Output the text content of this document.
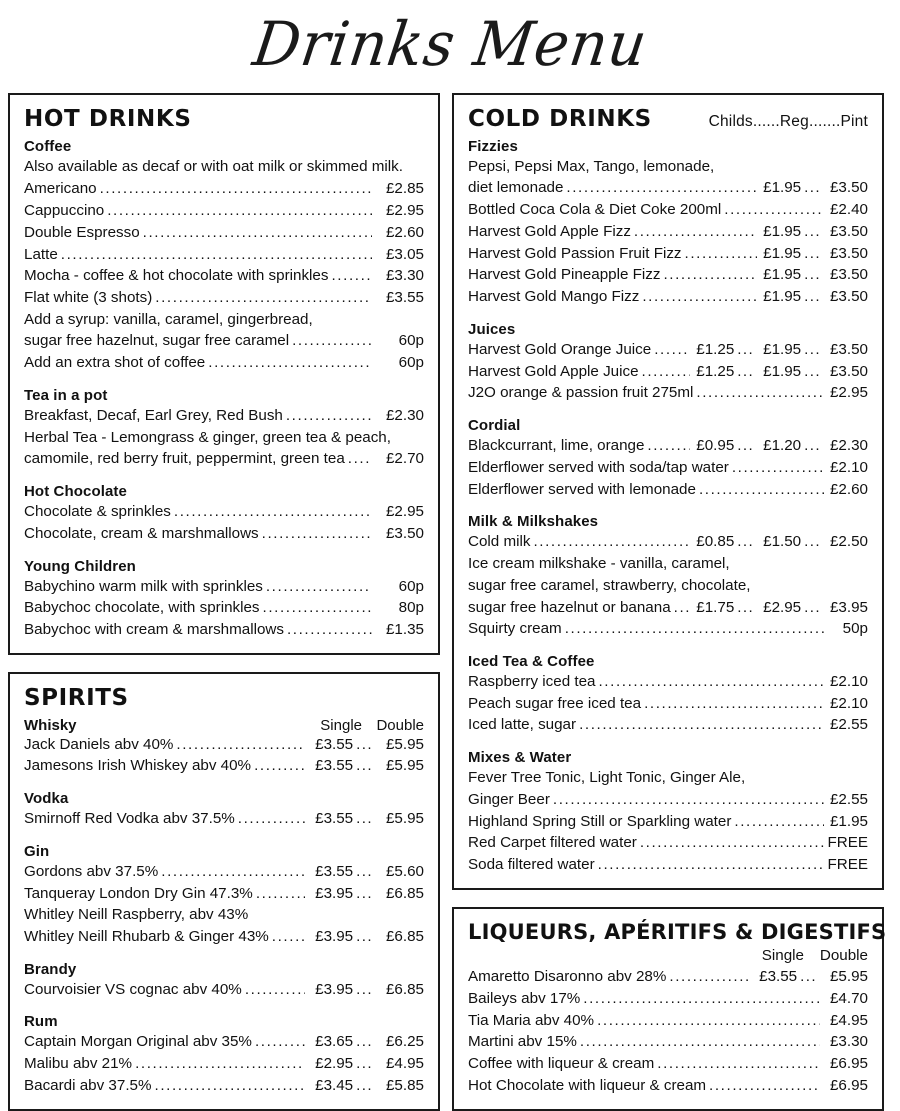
Drinks Menu
HOT DRINKS
Coffee
Also available as decaf or with oat milk or skimmed milk.
Americano .....	£2.85
Cappuccino .....	£2.95
Double Espresso .....	£2.60
Latte .....	£3.05
Mocha - coffee & hot chocolate with sprinkles .....	£3.30
Flat white (3 shots) .....	£3.55
Add a syrup: vanilla, caramel, gingerbread,
sugar free hazelnut, sugar free caramel .....	60p
Add an extra shot of coffee .....	60p
Tea in a pot
Breakfast, Decaf, Earl Grey, Red Bush .....	£2.30
Herbal Tea - Lemongrass & ginger, green tea & peach,
camomile, red berry fruit, peppermint, green tea .....	£2.70
Hot Chocolate
Chocolate & sprinkles .....	£2.95
Chocolate, cream & marshmallows .....	£3.50
Young Children
Babychino warm milk with sprinkles .....	60p
Babychoc chocolate, with sprinkles .....	80p
Babychoc with cream & marshmallows .....	£1.35
SPIRITS
Whisky	Single Double
Jack Daniels abv 40% .....	£3.55 ... £5.95
Jamesons Irish Whiskey abv 40% .....	£3.55 ... £5.95
Vodka
Smirnoff Red Vodka abv 37.5% .....	£3.55 ... £5.95
Gin
Gordons abv 37.5% .....	£3.55 ... £5.60
Tanqueray London Dry Gin 47.3% .....	£3.95 ... £6.85
Whitley Neill Raspberry, abv 43%
Whitley Neill Rhubarb & Ginger 43% .....	£3.95 ... £6.85
Brandy
Courvoisier VS cognac abv 40% .....	£3.95 ... £6.85
Rum
Captain Morgan Original abv 35% .....	£3.65 ... £6.25
Malibu abv 21% .....	£2.95 ... £4.95
Bacardi abv 37.5% .....	£3.45 ... £5.85
COLD DRINKS	Childs......Reg.......Pint
Fizzies
Pepsi, Pepsi Max, Tango, lemonade,
diet lemonade .....	£1.95 ... £3.50
Bottled Coca Cola & Diet Coke 200ml .....	£2.40
Harvest Gold Apple Fizz .....	£1.95 ... £3.50
Harvest Gold Passion Fruit Fizz .....	£1.95 ... £3.50
Harvest Gold Pineapple Fizz .....	£1.95 ... £3.50
Harvest Gold Mango Fizz .....	£1.95 ... £3.50
Juices
Harvest Gold Orange Juice .....	£1.25 ... £1.95 ... £3.50
Harvest Gold Apple Juice .....	£1.25 ... £1.95 ... £3.50
J2O orange & passion fruit 275ml .....	£2.95
Cordial
Blackcurrant, lime, orange .....	£0.95 ... £1.20 ... £2.30
Elderflower served with soda/tap water .....	£2.10
Elderflower served with lemonade .....	£2.60
Milk & Milkshakes
Cold milk .....	£0.85 ... £1.50 ... £2.50
Ice cream milkshake - vanilla, caramel,
sugar free caramel, strawberry, chocolate,
sugar free hazelnut or banana .....	£1.75 ... £2.95 ... £3.95
Squirty cream .....	50p
Iced Tea & Coffee
Raspberry iced tea .....	£2.10
Peach sugar free iced tea .....	£2.10
Iced latte, sugar .....	£2.55
Mixes & Water
Fever Tree Tonic, Light Tonic, Ginger Ale,
Ginger Beer .....	£2.55
Highland Spring Still or Sparkling water .....	£1.95
Red Carpet filtered water .....	FREE
Soda filtered water .....	FREE
LIQUEURS, APÉRITIFS & DIGESTIFS
Single	Double
Amaretto Disaronno abv 28% .....	£3.55 ... £5.95
Baileys abv 17% .....	£4.70
Tia Maria abv 40% .....	£4.95
Martini abv 15% .....	£3.30
Coffee with liqueur & cream .....	£6.95
Hot Chocolate with liqueur & cream .....	£6.95
